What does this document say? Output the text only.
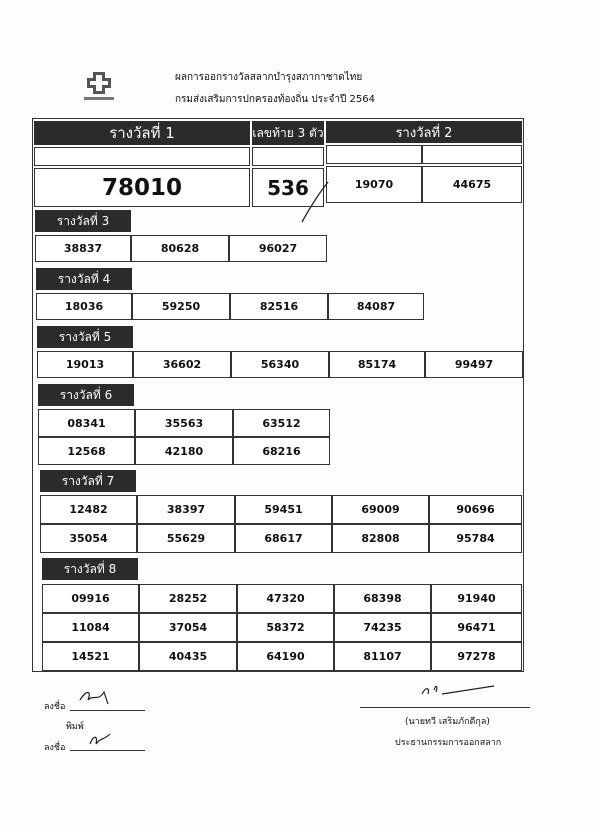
ผลการออกรางวัลสลากบำรุงสภากาชาดไทย
กรมส่งเสริมการปกครองท้องถิ่น ประจำปี 2564
รางวัลที่ 1	เลขท้าย 3 ตัว	รางวัลที่ 2
78010	536	19070	44675
รางวัลที่ 3
38837	80628	96027
รางวัลที่ 4
18036	59250	82516	84087
รางวัลที่ 5
19013	36602	56340	85174	99497
รางวัลที่ 6
08341	35563	63512
12568	42180	68216
รางวัลที่ 7
12482	38397	59451	69009	90696
35054	55629	68617	82808	95784
รางวัลที่ 8
09916	28252	47320	68398	91940
11084	37054	58372	74235	96471
14521	40435	64190	81107	97278
ลงชื่อ
พิมพ์
ลงชื่อ
(นายทวี เสริมภักดีกุล)
ประธานกรรมการออกสลาก
